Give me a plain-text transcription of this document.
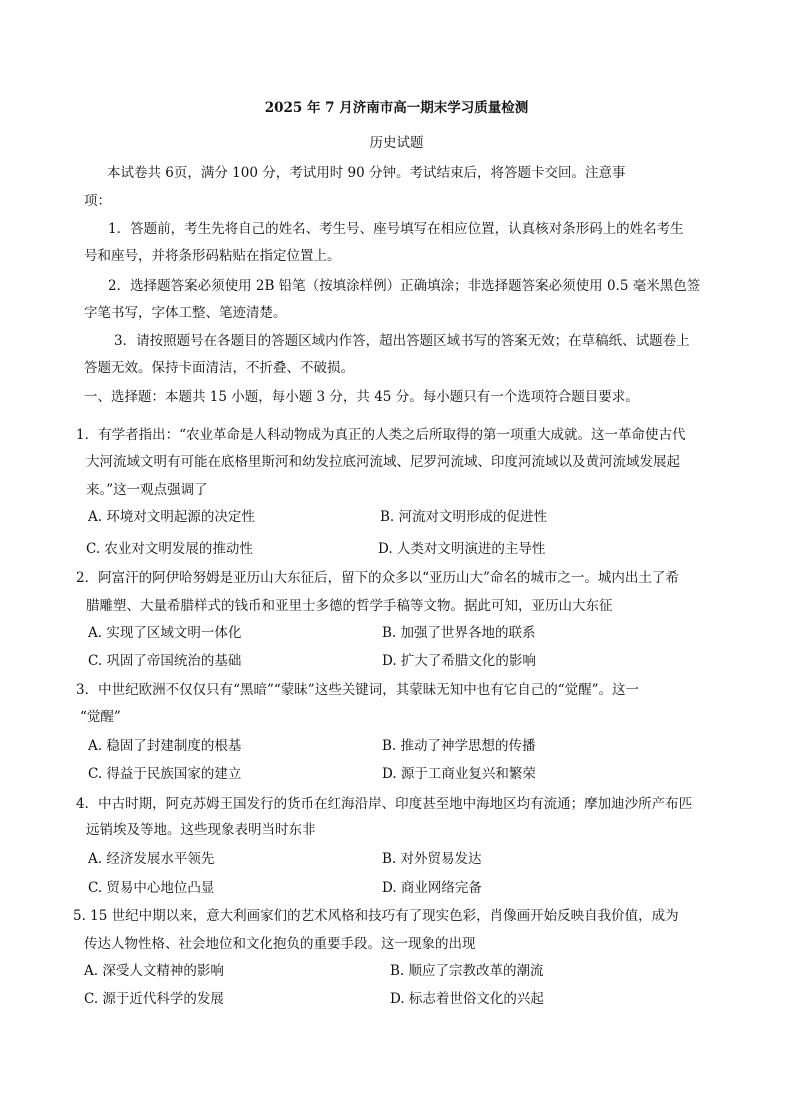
2025 年 7 月济南市高一期末学习质量检测
历史试题
本试卷共 6页，满分 100 分，考试用时 90 分钟。考试结束后，将答题卡交回。注意事
项：
1．答题前，考生先将自己的姓名、考生号、座号填写在相应位置，认真核对条形码上的姓名考生
号和座号，并将条形码粘贴在指定位置上。
2．选择题答案必须使用 2B 铅笔（按填涂样例）正确填涂；非选择题答案必须使用 0.5 毫米黑色签
字笔书写，字体工整、笔迹清楚。
3．请按照题号在各题目的答题区域内作答，超出答题区域书写的答案无效；在草稿纸、试题卷上
答题无效。保持卡面清洁，不折叠、不破损。
一、选择题：本题共 15 小题，每小题 3 分，共 45 分。每小题只有一个选项符合题目要求。
1．有学者指出：“农业革命是人科动物成为真正的人类之后所取得的第一项重大成就。这一革命使古代
大河流域文明有可能在底格里斯河和幼发拉底河流域、尼罗河流域、印度河流域以及黄河流域发展起
来。”这一观点强调了
A. 环境对文明起源的决定性	B. 河流对文明形成的促进性
C. 农业对文明发展的推动性	D. 人类对文明演进的主导性
2．阿富汗的阿伊哈努姆是亚历山大东征后，留下的众多以“亚历山大”命名的城市之一。城内出土了希
腊雕塑、大量希腊样式的钱币和亚里士多德的哲学手稿等文物。据此可知，亚历山大东征
A. 实现了区域文明一体化	B. 加强了世界各地的联系
C. 巩固了帝国统治的基础	D. 扩大了希腊文化的影响
3．中世纪欧洲不仅仅只有“黑暗”“蒙昧”这些关键词，其蒙昧无知中也有它自己的“觉醒”。这一
“觉醒”
A. 稳固了封建制度的根基	B. 推动了神学思想的传播
C. 得益于民族国家的建立	D. 源于工商业复兴和繁荣
4．中古时期，阿克苏姆王国发行的货币在红海沿岸、印度甚至地中海地区均有流通；摩加迪沙所产布匹
远销埃及等地。这些现象表明当时东非
A. 经济发展水平领先	B. 对外贸易发达
C. 贸易中心地位凸显	D. 商业网络完备
5. 15 世纪中期以来，意大利画家们的艺术风格和技巧有了现实色彩，肖像画开始反映自我价值，成为
传达人物性格、社会地位和文化抱负的重要手段。这一现象的出现
A. 深受人文精神的影响	B. 顺应了宗教改革的潮流
C. 源于近代科学的发展	D. 标志着世俗文化的兴起
